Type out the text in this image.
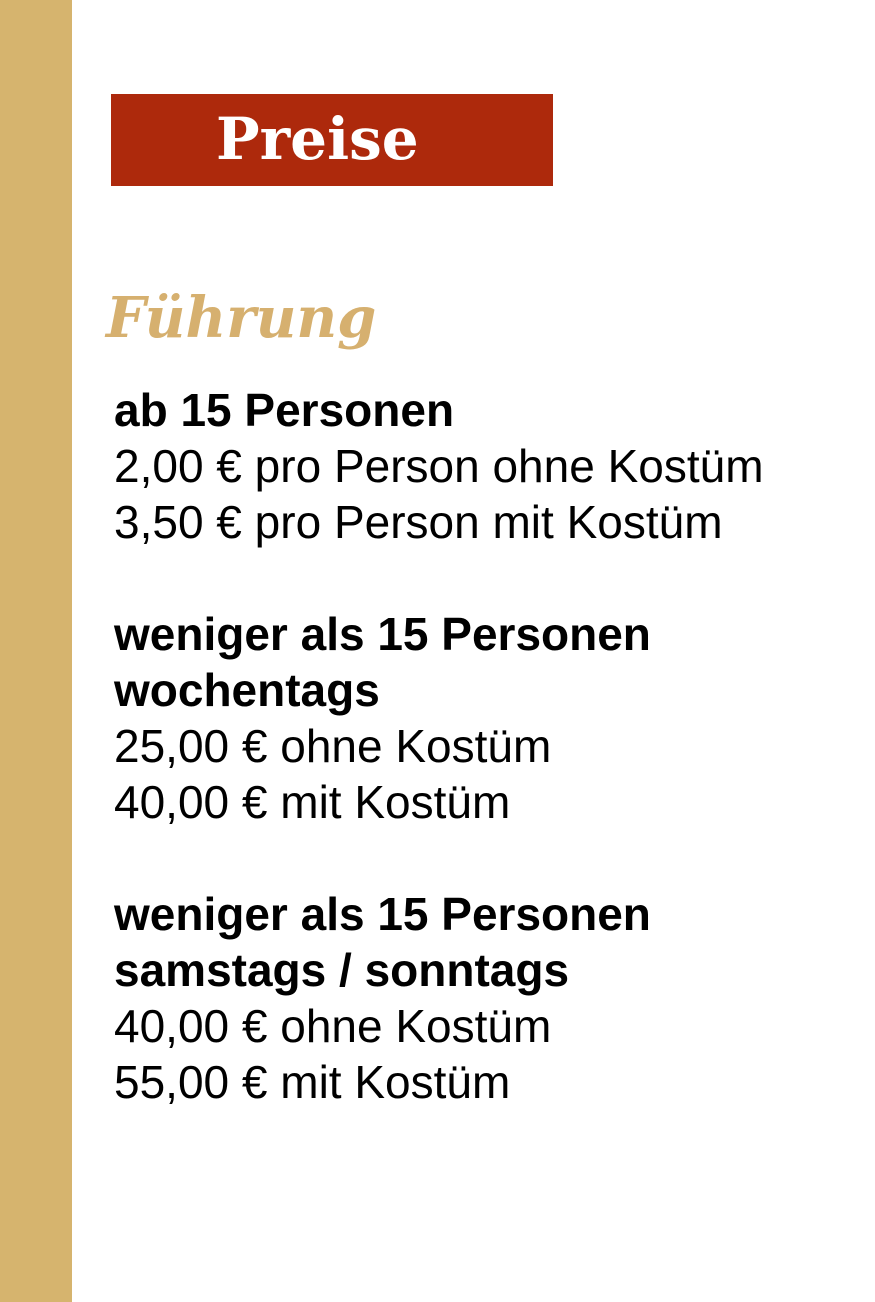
Preise
Führung
ab 15 Personen
2,00 € pro Person ohne Kostüm
3,50 € pro Person mit Kostüm
weniger als 15 Personen
wochentags
25,00 € ohne Kostüm
40,00 € mit Kostüm
weniger als 15 Personen
samstags / sonntags
40,00 € ohne Kostüm
55,00 € mit Kostüm
